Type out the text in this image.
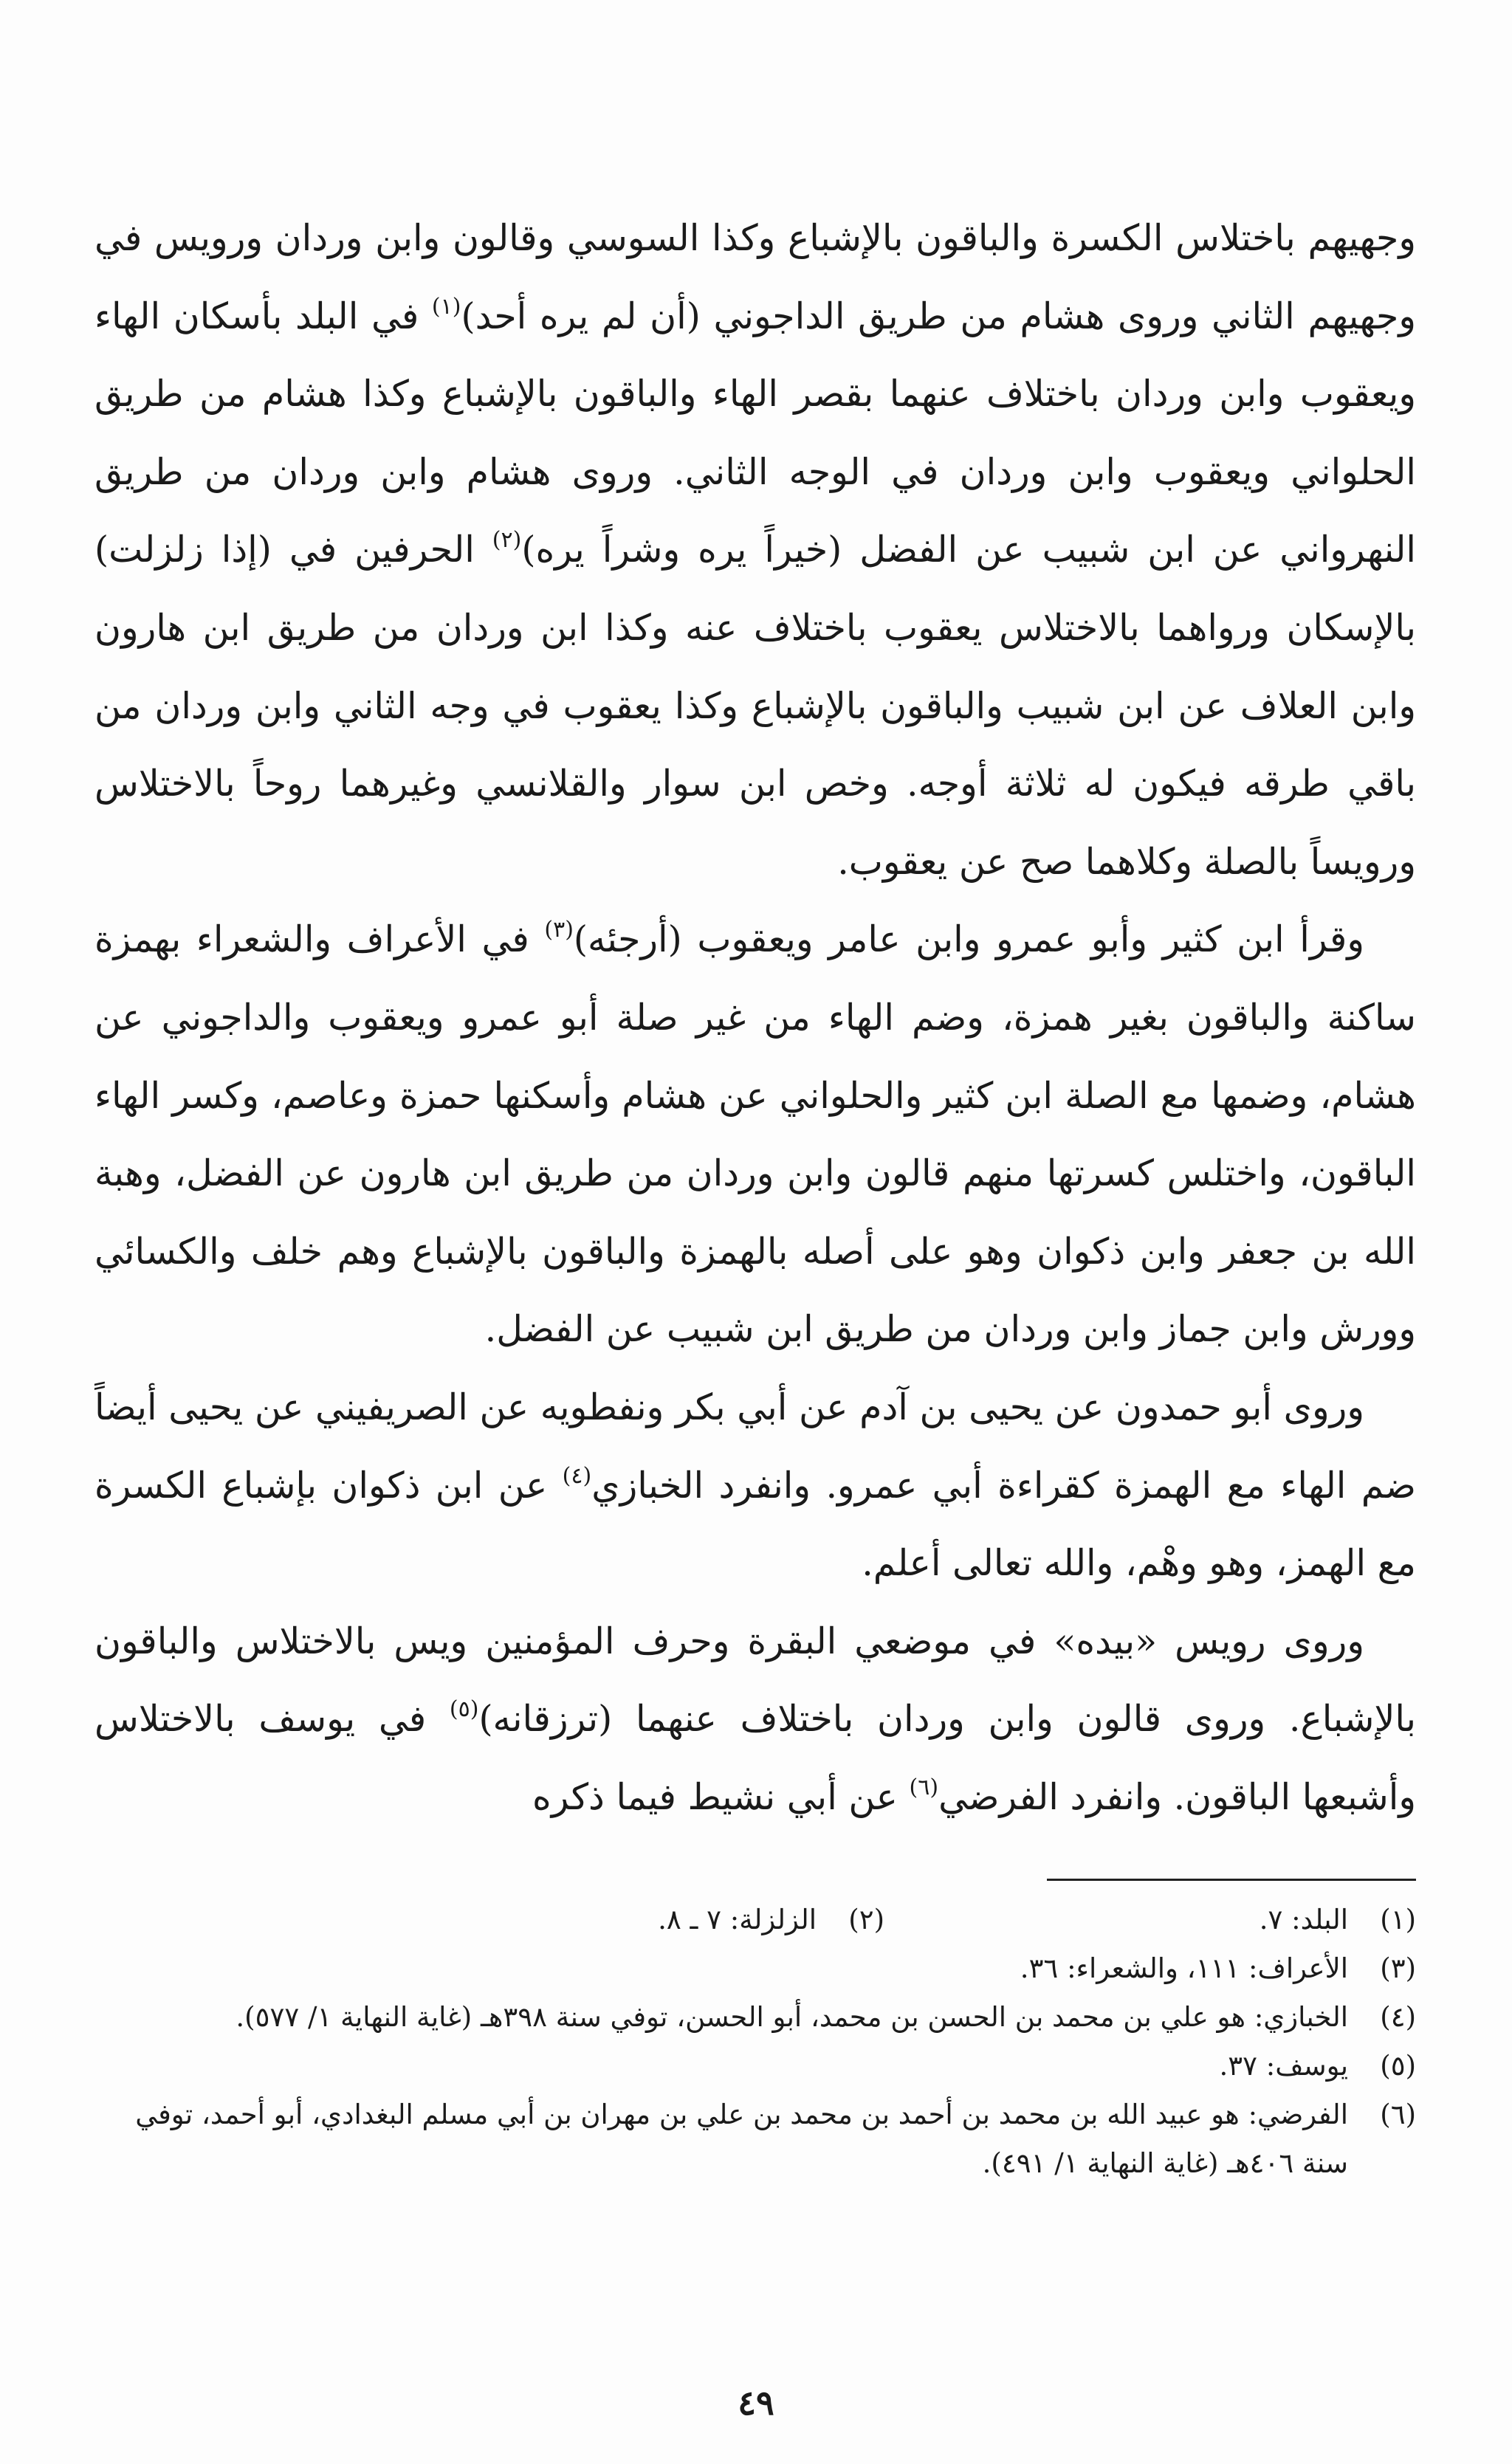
وجهيهم باختلاس الكسرة والباقون بالإشباع وكذا السوسي وقالون وابن وردان ورويس في وجهيهم الثاني وروى هشام من طريق الداجوني (أن لم يره أحد)$^{(١)}$ في البلد بأسكان الهاء ويعقوب وابن وردان باختلاف عنهما بقصر الهاء والباقون بالإشباع وكذا هشام من طريق الحلواني ويعقوب وابن وردان في الوجه الثاني. وروى هشام وابن وردان من طريق النهرواني عن ابن شبيب عن الفضل (خيراً يره وشراً يره)$^{(٢)}$ الحرفين في (إذا زلزلت) بالإسكان ورواهما بالاختلاس يعقوب باختلاف عنه وكذا ابن وردان من طريق ابن هارون وابن العلاف عن ابن شبيب والباقون بالإشباع وكذا يعقوب في وجه الثاني وابن وردان من باقي طرقه فيكون له ثلاثة أوجه. وخص ابن سوار والقلانسي وغيرهما روحاً بالاختلاس ورويساً بالصلة وكلاهما صح عن يعقوب.

وقرأ ابن كثير وأبو عمرو وابن عامر ويعقوب (أرجئه)$^{(٣)}$ في الأعراف والشعراء بهمزة ساكنة والباقون بغير همزة، وضم الهاء من غير صلة أبو عمرو ويعقوب والداجوني عن هشام، وضمها مع الصلة ابن كثير والحلواني عن هشام وأسكنها حمزة وعاصم، وكسر الهاء الباقون، واختلس كسرتها منهم قالون وابن وردان من طريق ابن هارون عن الفضل، وهبة الله بن جعفر وابن ذكوان وهو على أصله بالهمزة والباقون بالإشباع وهم خلف والكسائي وورش وابن جماز وابن وردان من طريق ابن شبيب عن الفضل.

وروى أبو حمدون عن يحيى بن آدم عن أبي بكر ونفطويه عن الصريفيني عن يحيى أيضاً ضم الهاء مع الهمزة كقراءة أبي عمرو. وانفرد الخبازي$^{(٤)}$ عن ابن ذكوان بإشباع الكسرة مع الهمز، وهو وهْم، والله تعالى أعلم.

وروى رويس «بيده» في موضعي البقرة وحرف المؤمنين ويس بالاختلاس والباقون بالإشباع. وروى قالون وابن وردان باختلاف عنهما (ترزقانه)$^{(٥)}$ في يوسف بالاختلاس وأشبعها الباقون. وانفرد الفرضي$^{(٦)}$ عن أبي نشيط فيما ذكره

(١)
البلد: ٧.
(٢)
الزلزلة: ٧ ـ ٨.
(٣)
الأعراف: ١١١، والشعراء: ٣٦.
(٤)
الخبازي: هو علي بن محمد بن الحسن بن محمد، أبو الحسن، توفي سنة ٣٩٨هـ (غاية النهاية ١/ ٥٧٧).
(٥)
يوسف: ٣٧.
(٦)
الفرضي: هو عبيد الله بن محمد بن أحمد بن محمد بن علي بن مهران بن أبي مسلم البغدادي، أبو أحمد، توفي سنة ٤٠٦هـ (غاية النهاية ١/ ٤٩١).
٤٩
